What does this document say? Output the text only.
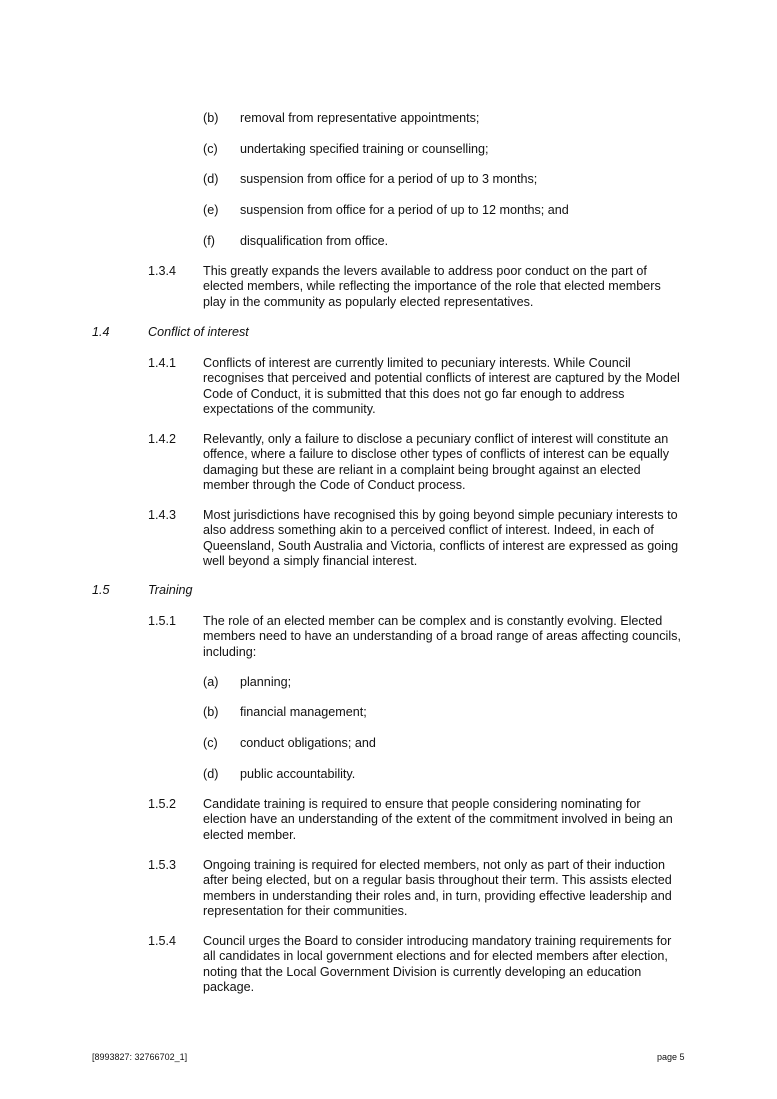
(b) removal from representative appointments;
(c) undertaking specified training or counselling;
(d) suspension from office for a period of up to 3 months;
(e) suspension from office for a period of up to 12 months; and
(f) disqualification from office.
1.3.4 This greatly expands the levers available to address poor conduct on the part of elected members, while reflecting the importance of the role that elected members play in the community as popularly elected representatives.
1.4	Conflict of interest
1.4.1 Conflicts of interest are currently limited to pecuniary interests. While Council recognises that perceived and potential conflicts of interest are captured by the Model Code of Conduct, it is submitted that this does not go far enough to address expectations of the community.
1.4.2 Relevantly, only a failure to disclose a pecuniary conflict of interest will constitute an offence, where a failure to disclose other types of conflicts of interest can be equally damaging but these are reliant in a complaint being brought against an elected member through the Code of Conduct process.
1.4.3 Most jurisdictions have recognised this by going beyond simple pecuniary interests to also address something akin to a perceived conflict of interest. Indeed, in each of Queensland, South Australia and Victoria, conflicts of interest are expressed as going well beyond a simply financial interest.
1.5	Training
1.5.1 The role of an elected member can be complex and is constantly evolving. Elected members need to have an understanding of a broad range of areas affecting councils, including:
(a) planning;
(b) financial management;
(c) conduct obligations; and
(d) public accountability.
1.5.2 Candidate training is required to ensure that people considering nominating for election have an understanding of the extent of the commitment involved in being an elected member.
1.5.3 Ongoing training is required for elected members, not only as part of their induction after being elected, but on a regular basis throughout their term. This assists elected members in understanding their roles and, in turn, providing effective leadership and representation for their communities.
1.5.4 Council urges the Board to consider introducing mandatory training requirements for all candidates in local government elections and for elected members after election, noting that the Local Government Division is currently developing an education package.
[8993827: 32766702_1]	page 5
